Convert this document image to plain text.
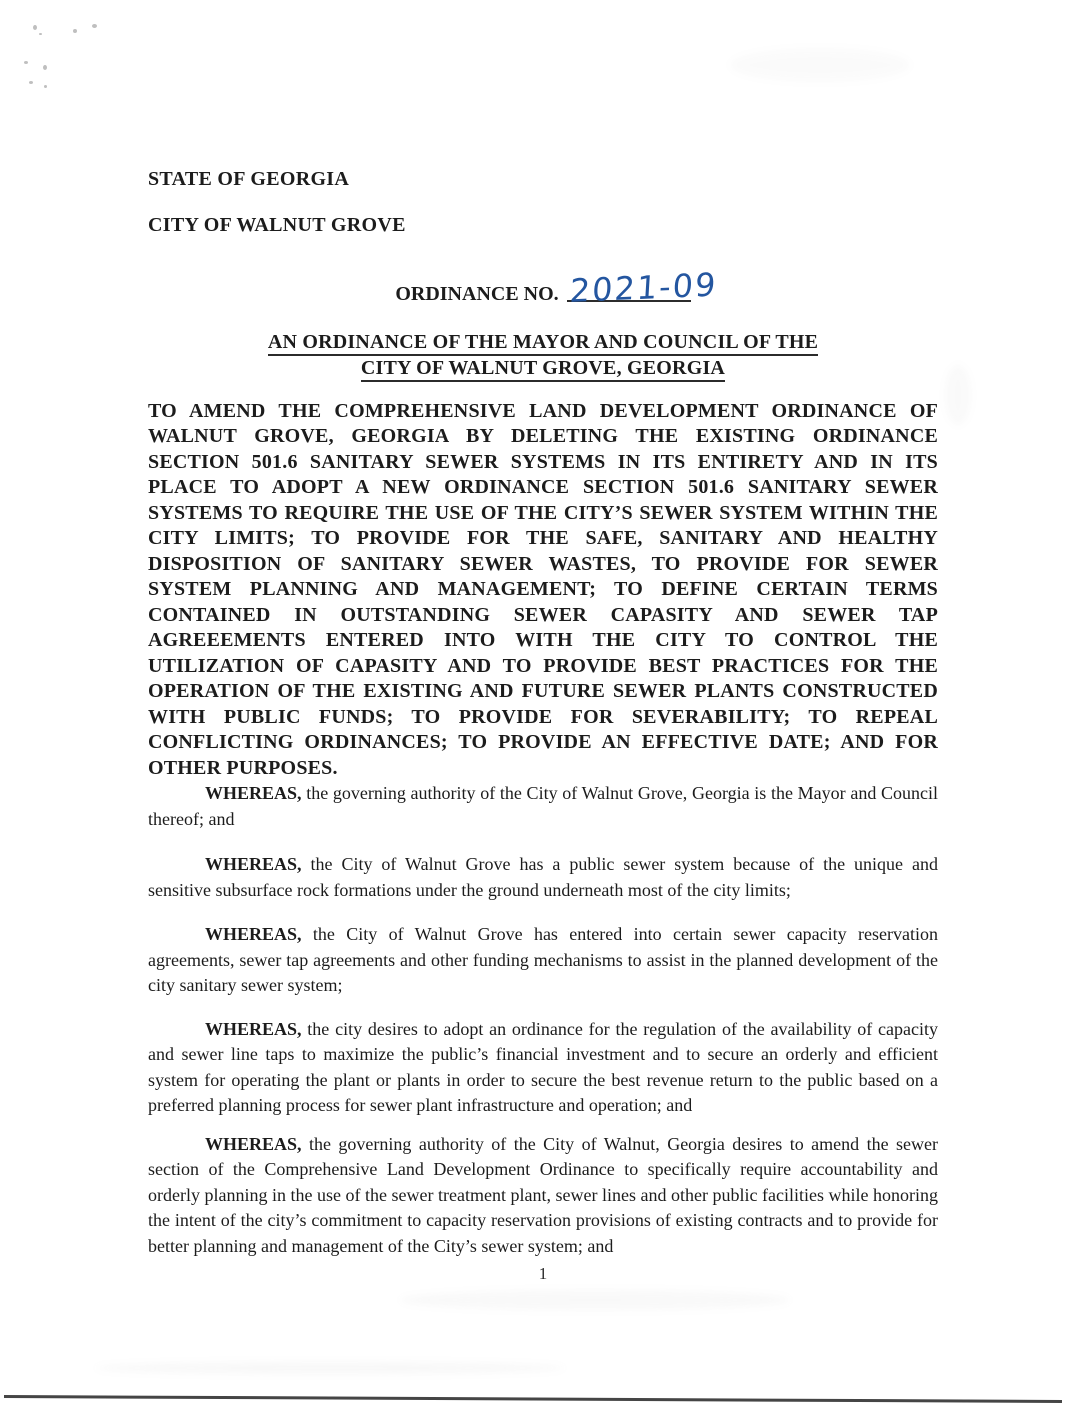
STATE OF GEORGIA

CITY OF WALNUT GROVE

ORDINANCE NO. 2021-09
AN ORDINANCE OF THE MAYOR AND COUNCIL OF THE
CITY OF WALNUT GROVE, GEORGIA

TO AMEND THE COMPREHENSIVE LAND DEVELOPMENT ORDINANCE OF WALNUT GROVE, GEORGIA BY DELETING THE EXISTING ORDINANCE SECTION 501.6 SANITARY SEWER SYSTEMS IN ITS ENTIRETY AND IN ITS PLACE TO ADOPT A NEW ORDINANCE SECTION 501.6 SANITARY SEWER SYSTEMS TO REQUIRE THE USE OF THE CITY’S SEWER SYSTEM WITHIN THE CITY LIMITS; TO PROVIDE FOR THE SAFE, SANITARY AND HEALTHY DISPOSITION OF SANITARY SEWER WASTES, TO PROVIDE FOR SEWER SYSTEM PLANNING AND MANAGEMENT; TO DEFINE CERTAIN TERMS CONTAINED IN OUTSTANDING SEWER CAPASITY AND SEWER TAP AGREEEMENTS ENTERED INTO WITH THE CITY TO CONTROL THE UTILIZATION OF CAPASITY AND TO PROVIDE BEST PRACTICES FOR THE OPERATION OF THE EXISTING AND FUTURE SEWER PLANTS CONSTRUCTED WITH PUBLIC FUNDS; TO PROVIDE FOR SEVERABILITY; TO REPEAL CONFLICTING ORDINANCES; TO PROVIDE AN EFFECTIVE DATE; AND FOR OTHER PURPOSES.

WHEREAS, the governing authority of the City of Walnut Grove, Georgia is the Mayor and Council thereof; and

WHEREAS, the City of Walnut Grove has a public sewer system because of the unique and sensitive subsurface rock formations under the ground underneath most of the city limits;

WHEREAS, the City of Walnut Grove has entered into certain sewer capacity reservation agreements, sewer tap agreements and other funding mechanisms to assist in the planned development of the city sanitary sewer system;

WHEREAS, the city desires to adopt an ordinance for the regulation of the availability of capacity and sewer line taps to maximize the public’s financial investment and to secure an orderly and efficient system for operating the plant or plants in order to secure the best revenue return to the public based on a preferred planning process for sewer plant infrastructure and operation; and

WHEREAS, the governing authority of the City of Walnut, Georgia desires to amend the sewer section of the Comprehensive Land Development Ordinance to specifically require accountability and orderly planning in the use of the sewer treatment plant, sewer lines and other public facilities while honoring the intent of the city’s commitment to capacity reservation provisions of existing contracts and to provide for better planning and management of the City’s sewer system; and

1
